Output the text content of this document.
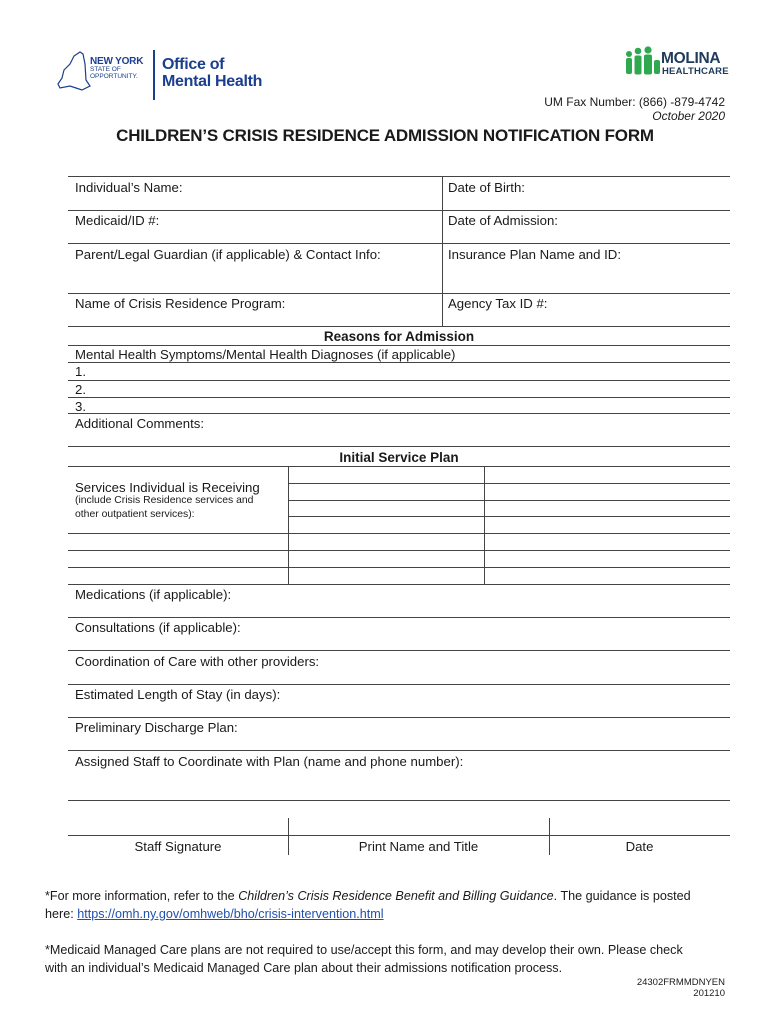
NEW YORK
STATE OF
OPPORTUNITY.
Office of
Mental Health
MOLINA
HEALTHCARE
UM Fax Number: (866) -879-4742
October 2020
CHILDREN’S CRISIS RESIDENCE ADMISSION NOTIFICATION FORM
Individual’s Name:	Date of Birth:
Medicaid/ID #:	Date of Admission:
Parent/Legal Guardian (if applicable) & Contact Info:	Insurance Plan Name and ID:
Name of Crisis Residence Program:	Agency Tax ID #:
Reasons for Admission
Mental Health Symptoms/Mental Health Diagnoses (if applicable)
1.
2.
3.
Additional Comments:
Initial Service Plan
Services Individual is Receiving
(include Crisis Residence services and
other outpatient services):
Medications (if applicable):
Consultations (if applicable):
Coordination of Care with other providers:
Estimated Length of Stay (in days):
Preliminary Discharge Plan:
Assigned Staff to Coordinate with Plan (name and phone number):
Staff Signature	Print Name and Title	Date
*For more information, refer to the Children’s Crisis Residence Benefit and Billing Guidance. The guidance is posted
here: https://omh.ny.gov/omhweb/bho/crisis-intervention.html
*Medicaid Managed Care plans are not required to use/accept this form, and may develop their own. Please check
with an individual’s Medicaid Managed Care plan about their admissions notification process.
24302FRMMDNYEN
201210
